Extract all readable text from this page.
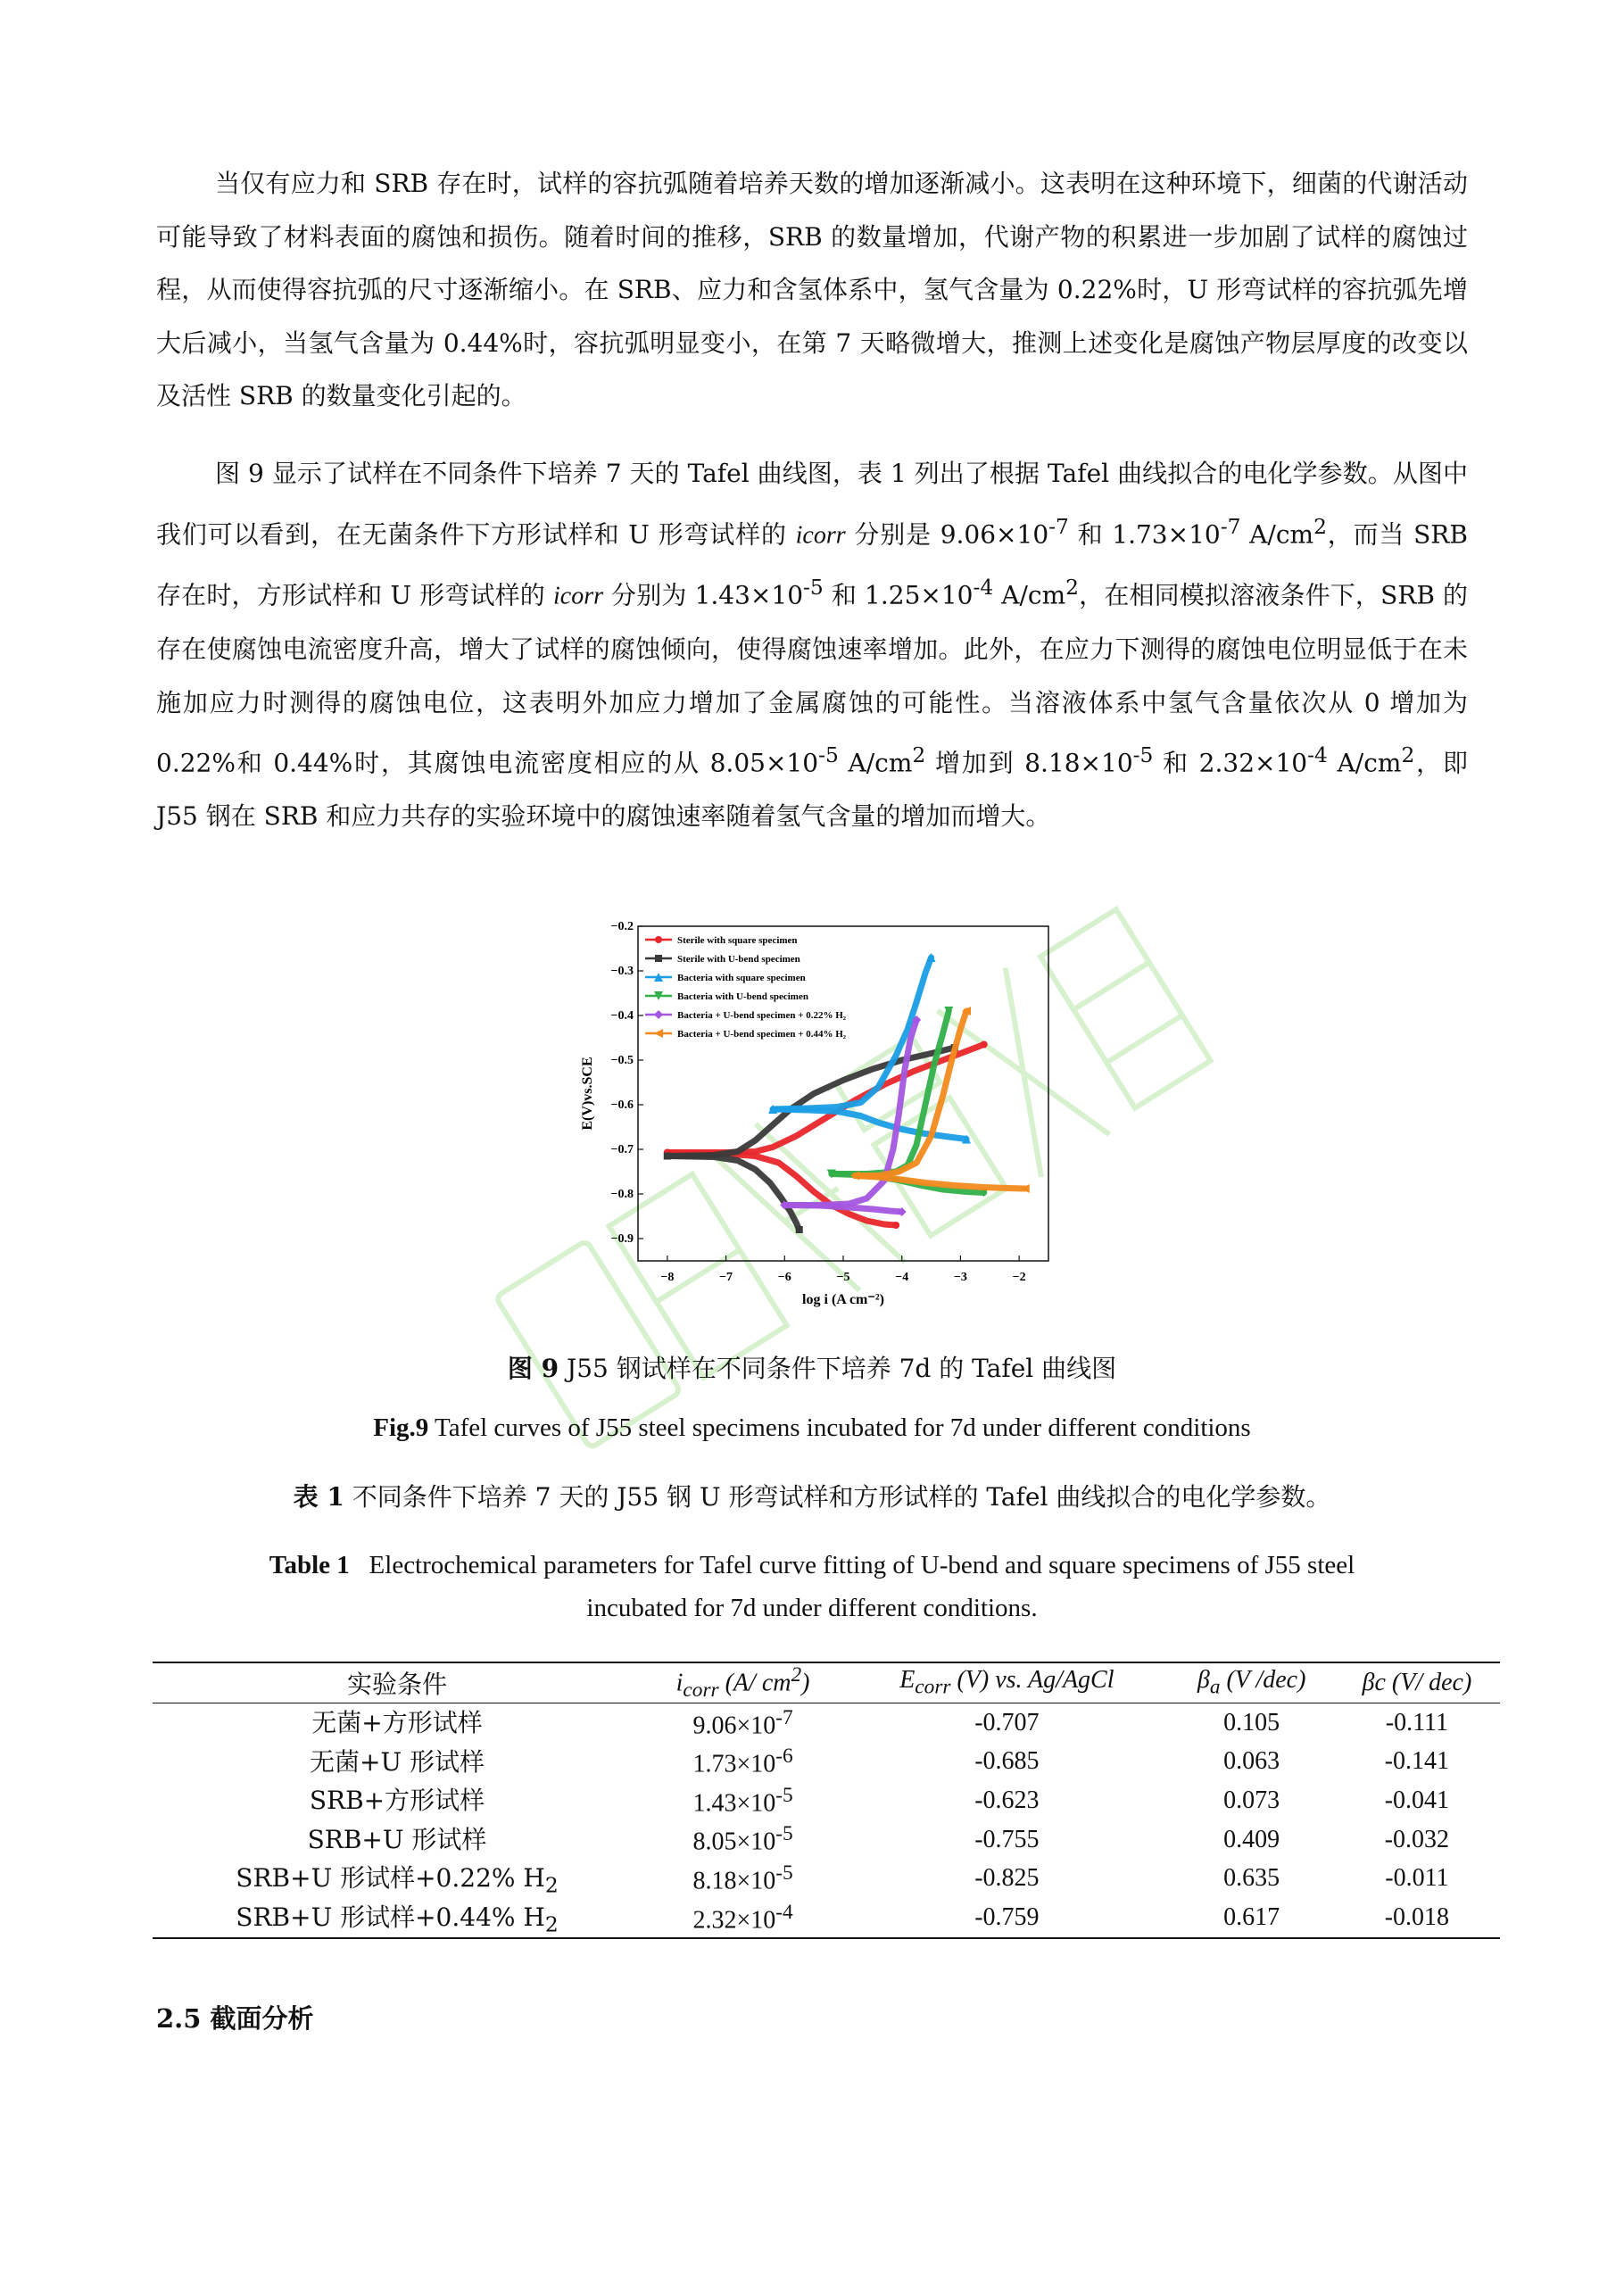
当仅有应力和 SRB 存在时，试样的容抗弧随着培养天数的增加逐渐减小。这表明在这种环境下，细菌的代谢活动可能导致了材料表面的腐蚀和损伤。随着时间的推移，SRB 的数量增加，代谢产物的积累进一步加剧了试样的腐蚀过程，从而使得容抗弧的尺寸逐渐缩小。在 SRB、应力和含氢体系中，氢气含量为 0.22%时，U 形弯试样的容抗弧先增大后减小，当氢气含量为 0.44%时，容抗弧明显变小，在第 7 天略微增大，推测上述变化是腐蚀产物层厚度的改变以及活性 SRB 的数量变化引起的。

图 9 显示了试样在不同条件下培养 7 天的 Tafel 曲线图，表 1 列出了根据 Tafel 曲线拟合的电化学参数。从图中我们可以看到，在无菌条件下方形试样和 U 形弯试样的 icorr 分别是 $9.06\times 10^{-7}$ 和 $1.73\times 10^{-7}$ $A/cm^2$，而当 SRB 存在时，方形试样和 U 形弯试样的 icorr 分别为 $1.43\times 10^{-5}$ 和 $1.25\times 10^{-4}$ $A/cm^2$，在相同模拟溶液条件下，SRB 的存在使腐蚀电流密度升高，增大了试样的腐蚀倾向，使得腐蚀速率增加。此外，在应力下测得的腐蚀电位明显低于在未施加应力时测得的腐蚀电位，这表明外加应力增加了金属腐蚀的可能性。当溶液体系中氢气含量依次从 0 增加为 0.22%和 0.44%时，其腐蚀电流密度相应的从 $8.05\times 10^{-5}$ $A/cm^2$ 增加到 $8.18\times 10^{-5}$ 和 $2.32\times 10^{-4}$ $A/cm^2$，即 J55 钢在 SRB 和应力共存的实验环境中的腐蚀速率随着氢气含量的增加而增大。

−8	−7	−6	−5	−4	−3	−2
−0.2
−0.3
−0.4
−0.5
−0.6
−0.7
−0.8
−0.9
log i (A cm⁻²)
E(V)vs.SCE
Sterile with square specimen
Sterile with U-bend specimen
Bacteria with square specimen
Bacteria with U-bend specimen
Bacteria + U-bend specimen + 0.22% H₂
Bacteria + U-bend specimen + 0.44% H₂

图 9 J55 钢试样在不同条件下培养 7d 的 Tafel 曲线图

Fig.9 Tafel curves of J55 steel specimens incubated for 7d under different conditions

表 1 不同条件下培养 7 天的 J55 钢 U 形弯试样和方形试样的 Tafel 曲线拟合的电化学参数。

Table 1 Electrochemical parameters for Tafel curve fitting of U-bend and square specimens of J55 steel
incubated for 7d under different conditions.

实验条件	$i_{corr}$ (A/ $cm^2$)	$E_{corr}$ (V) vs. Ag/AgCl	$\beta_a$ (V /dec)	βc (V/ dec)
无菌+方形试样	$9.06\times 10^{-7}$	-0.707	0.105	-0.111
无菌+U 形试样	$1.73\times 10^{-6}$	-0.685	0.063	-0.141
SRB+方形试样	$1.43\times 10^{-5}$	-0.623	0.073	-0.041
SRB+U 形试样	$8.05\times 10^{-5}$	-0.755	0.409	-0.032
SRB+U 形试样+0.22% $H_2$	$8.18\times 10^{-5}$	-0.825	0.635	-0.011
SRB+U 形试样+0.44% $H_2$	$2.32\times 10^{-4}$	-0.759	0.617	-0.018

2.5 截面分析
